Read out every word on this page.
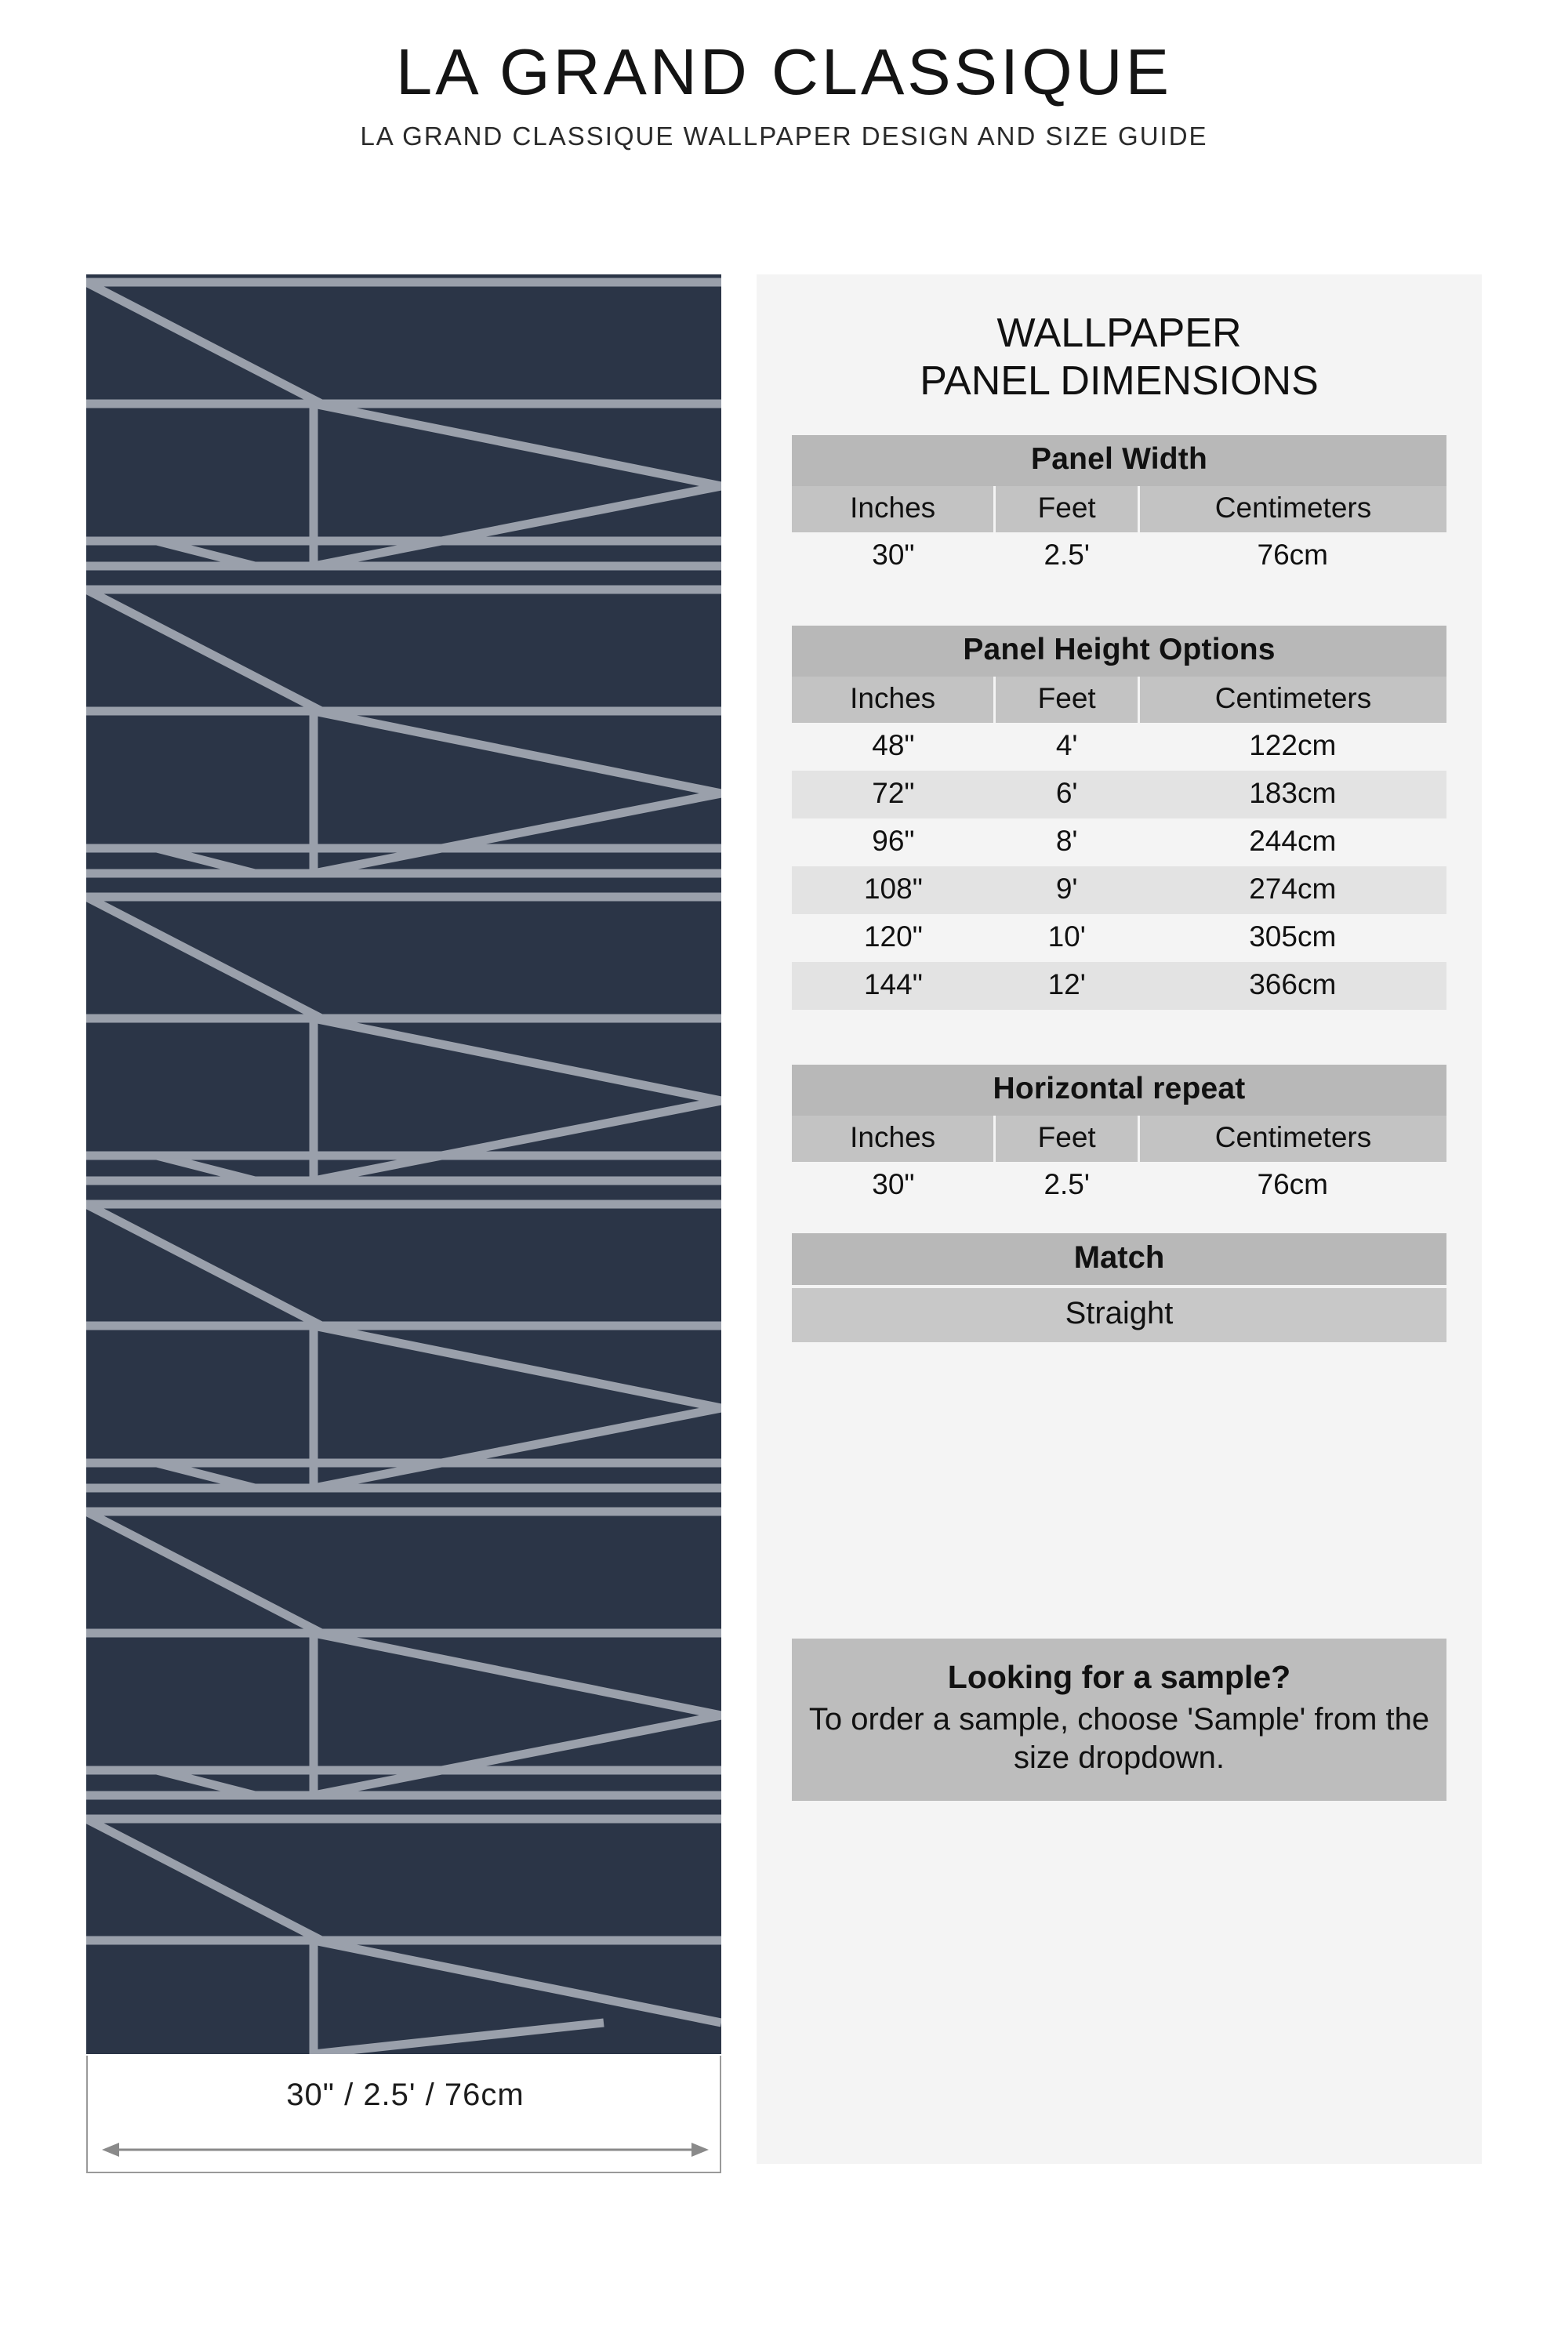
LA GRAND CLASSIQUE
LA GRAND CLASSIQUE WALLPAPER DESIGN AND SIZE GUIDE
30" / 2.5' / 76cm
WALLPAPER
PANEL DIMENSIONS
Panel Width
Inches	Feet	Centimeters
30"	2.5'	76cm
Panel Height Options
Inches	Feet	Centimeters
48"	4'	122cm
72"	6'	183cm
96"	8'	244cm
108"	9'	274cm
120"	10'	305cm
144"	12'	366cm
Horizontal repeat
Inches	Feet	Centimeters
30"	2.5'	76cm
Match
Straight
Looking for a sample?
To order a sample, choose 'Sample' from the size dropdown.
